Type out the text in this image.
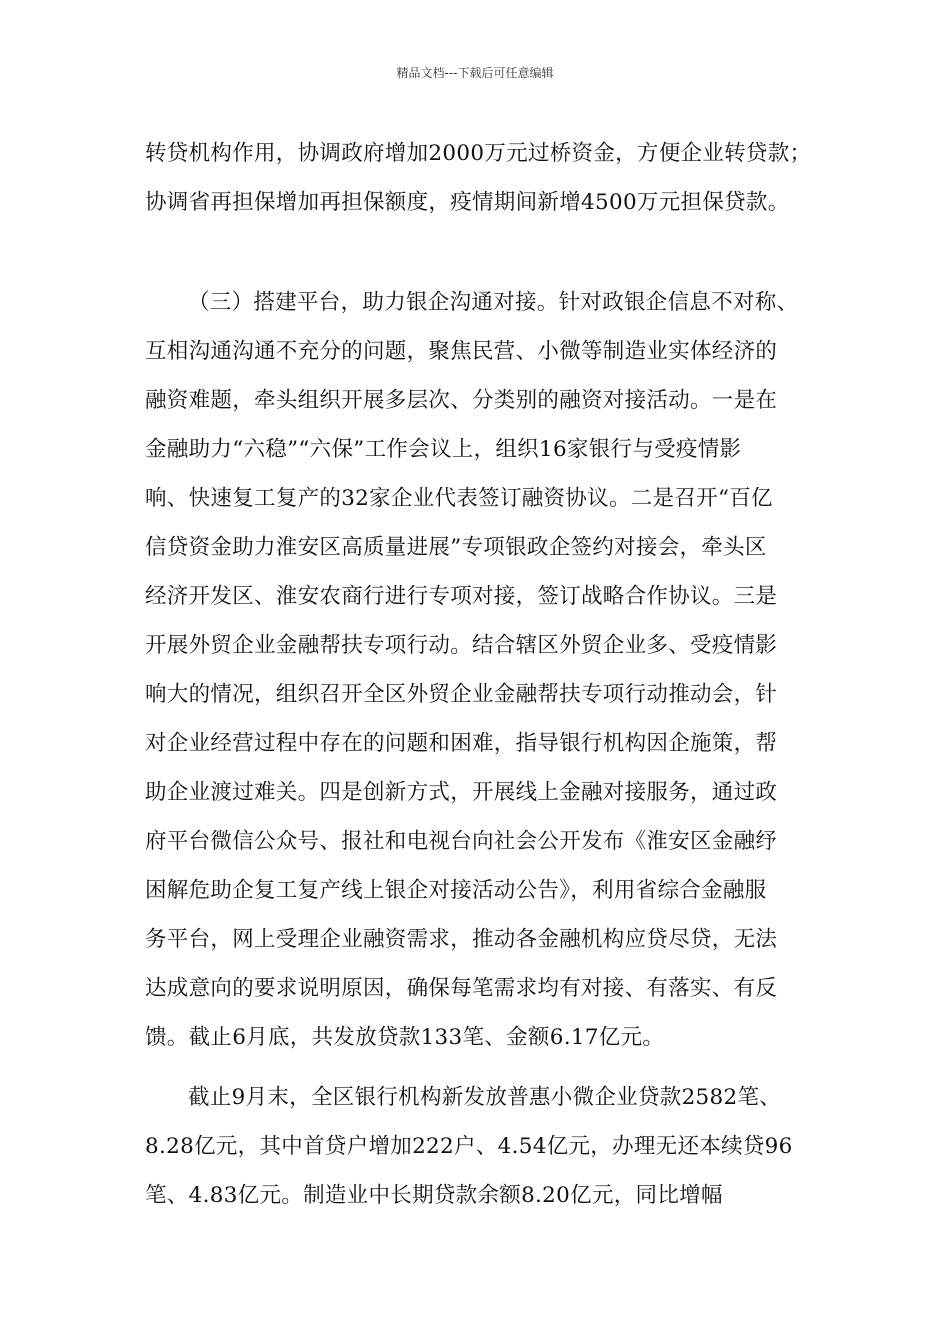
精品文档---下载后可任意编辑
转贷机构作用，协调政府增加2000万元过桥资金，方便企业转贷款；
协调省再担保增加再担保额度，疫情期间新增4500万元担保贷款。
（三）搭建平台，助力银企沟通对接。针对政银企信息不对称、
互相沟通沟通不充分的问题，聚焦民营、小微等制造业实体经济的
融资难题，牵头组织开展多层次、分类别的融资对接活动。一是在
金融助力“六稳”“六保”工作会议上，组织16家银行与受疫情影
响、快速复工复产的32家企业代表签订融资协议。二是召开“百亿
信贷资金助力淮安区高质量进展”专项银政企签约对接会，牵头区
经济开发区、淮安农商行进行专项对接，签订战略合作协议。三是
开展外贸企业金融帮扶专项行动。结合辖区外贸企业多、受疫情影
响大的情况，组织召开全区外贸企业金融帮扶专项行动推动会，针
对企业经营过程中存在的问题和困难，指导银行机构因企施策，帮
助企业渡过难关。四是创新方式，开展线上金融对接服务，通过政
府平台微信公众号、报社和电视台向社会公开发布《淮安区金融纾
困解危助企复工复产线上银企对接活动公告》，利用省综合金融服
务平台，网上受理企业融资需求，推动各金融机构应贷尽贷，无法
达成意向的要求说明原因，确保每笔需求均有对接、有落实、有反
馈。截止6月底，共发放贷款133笔、金额6.17亿元。
截止9月末，全区银行机构新发放普惠小微企业贷款2582笔、
8.28亿元，其中首贷户增加222户、4.54亿元，办理无还本续贷96
笔、4.83亿元。制造业中长期贷款余额8.20亿元，同比增幅
